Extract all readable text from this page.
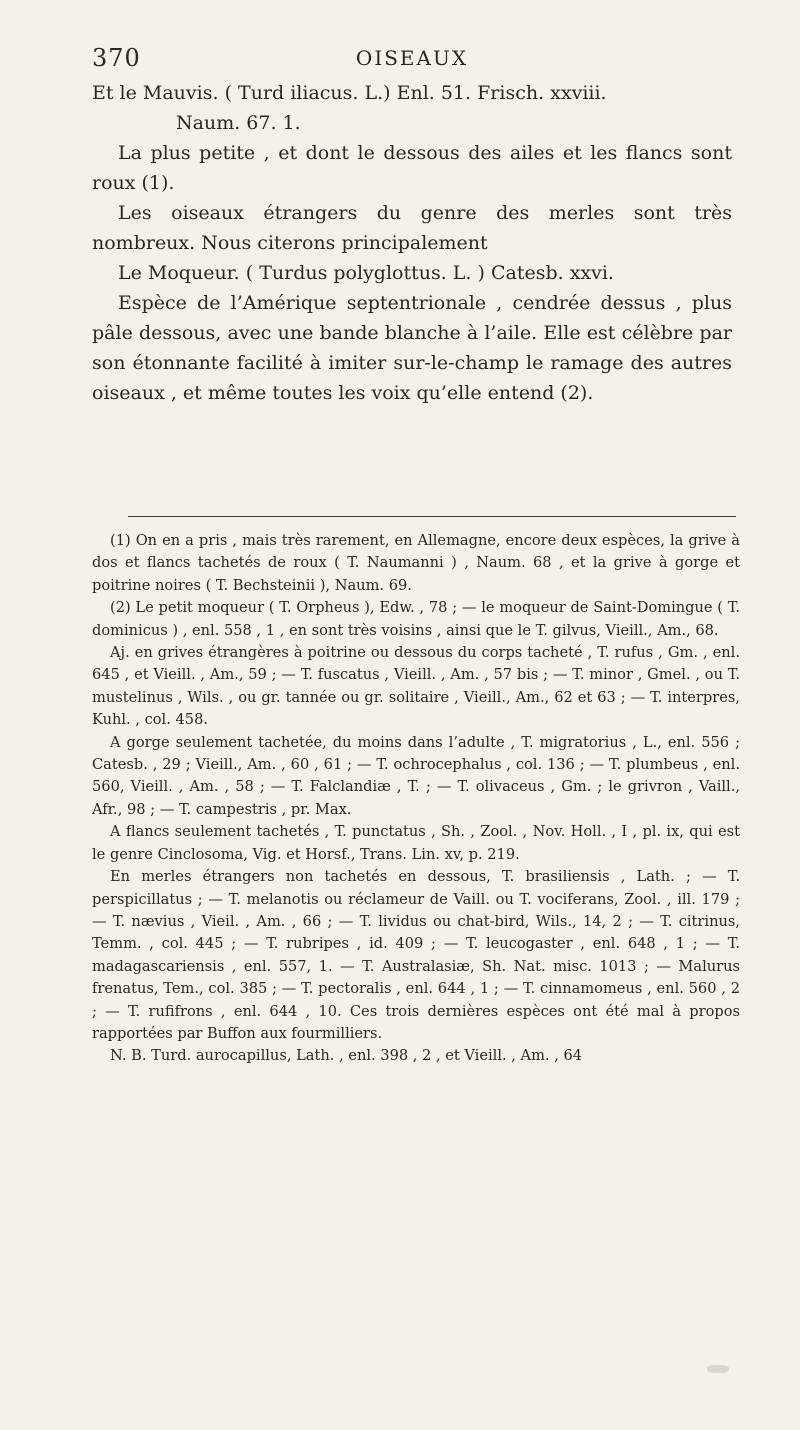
370	OISEAUX

Et le Mauvis. ( Turd iliacus. L.) Enl. 51. Frisch. xxviii.

Naum. 67. 1.

La plus petite , et dont le dessous des ailes et les flancs sont roux (1).

Les oiseaux étrangers du genre des merles sont très nombreux. Nous citerons principalement

Le Moqueur. ( Turdus polyglottus. L. ) Catesb. xxvi.

Espèce de l’Amérique septentrionale , cendrée dessus , plus pâle dessous, avec une bande blanche à l’aile. Elle est célèbre par son étonnante facilité à imiter sur-le-champ le ramage des autres oiseaux , et même toutes les voix qu’elle entend (2).

(1) On en a pris , mais très rarement, en Allemagne, encore deux espèces, la grive à dos et flancs tachetés de roux ( T. Naumanni ) , Naum. 68 , et la grive à gorge et poitrine noires ( T. Bechsteinii ), Naum. 69.

(2) Le petit moqueur ( T. Orpheus ), Edw. , 78 ; — le moqueur de Saint-Domingue ( T. dominicus ) , enl. 558 , 1 , en sont très voisins , ainsi que le T. gilvus, Vieill., Am., 68.

Aj. en grives étrangères à poitrine ou dessous du corps tacheté , T. rufus , Gm. , enl. 645 , et Vieill. , Am., 59 ; — T. fuscatus , Vieill. , Am. , 57 bis ; — T. minor , Gmel. , ou T. mustelinus , Wils. , ou gr. tannée ou gr. solitaire , Vieill., Am., 62 et 63 ; — T. interpres, Kuhl. , col. 458.

A gorge seulement tachetée, du moins dans l’adulte , T. migratorius , L., enl. 556 ; Catesb. , 29 ; Vieill., Am. , 60 , 61 ; — T. ochrocephalus , col. 136 ; — T. plumbeus , enl. 560, Vieill. , Am. , 58 ; — T. Falclandiæ , T. ; — T. olivaceus , Gm. ; le grivron , Vaill., Afr., 98 ; — T. campestris , pr. Max.

A flancs seulement tachetés , T. punctatus , Sh. , Zool. , Nov. Holl. , I , pl. ix, qui est le genre Cinclosoma, Vig. et Horsf., Trans. Lin. xv, p. 219.

En merles étrangers non tachetés en dessous, T. brasiliensis , Lath. ; — T. perspicillatus ; — T. melanotis ou réclameur de Vaill. ou T. vociferans, Zool. , ill. 179 ; — T. nævius , Vieil. , Am. , 66 ; — T. lividus ou chat-bird, Wils., 14, 2 ; — T. citrinus, Temm. , col. 445 ; — T. rubripes , id. 409 ; — T. leucogaster , enl. 648 , 1 ; — T. madagascariensis , enl. 557, 1. — T. Australasiæ, Sh. Nat. misc. 1013 ; — Malurus frenatus, Tem., col. 385 ; — T. pectoralis , enl. 644 , 1 ; — T. cinnamomeus , enl. 560 , 2 ; — T. rufifrons , enl. 644 , 10. Ces trois dernières espèces ont été mal à propos rapportées par Buffon aux fourmilliers.

N. B. Turd. aurocapillus, Lath. , enl. 398 , 2 , et Vieill. , Am. , 64
